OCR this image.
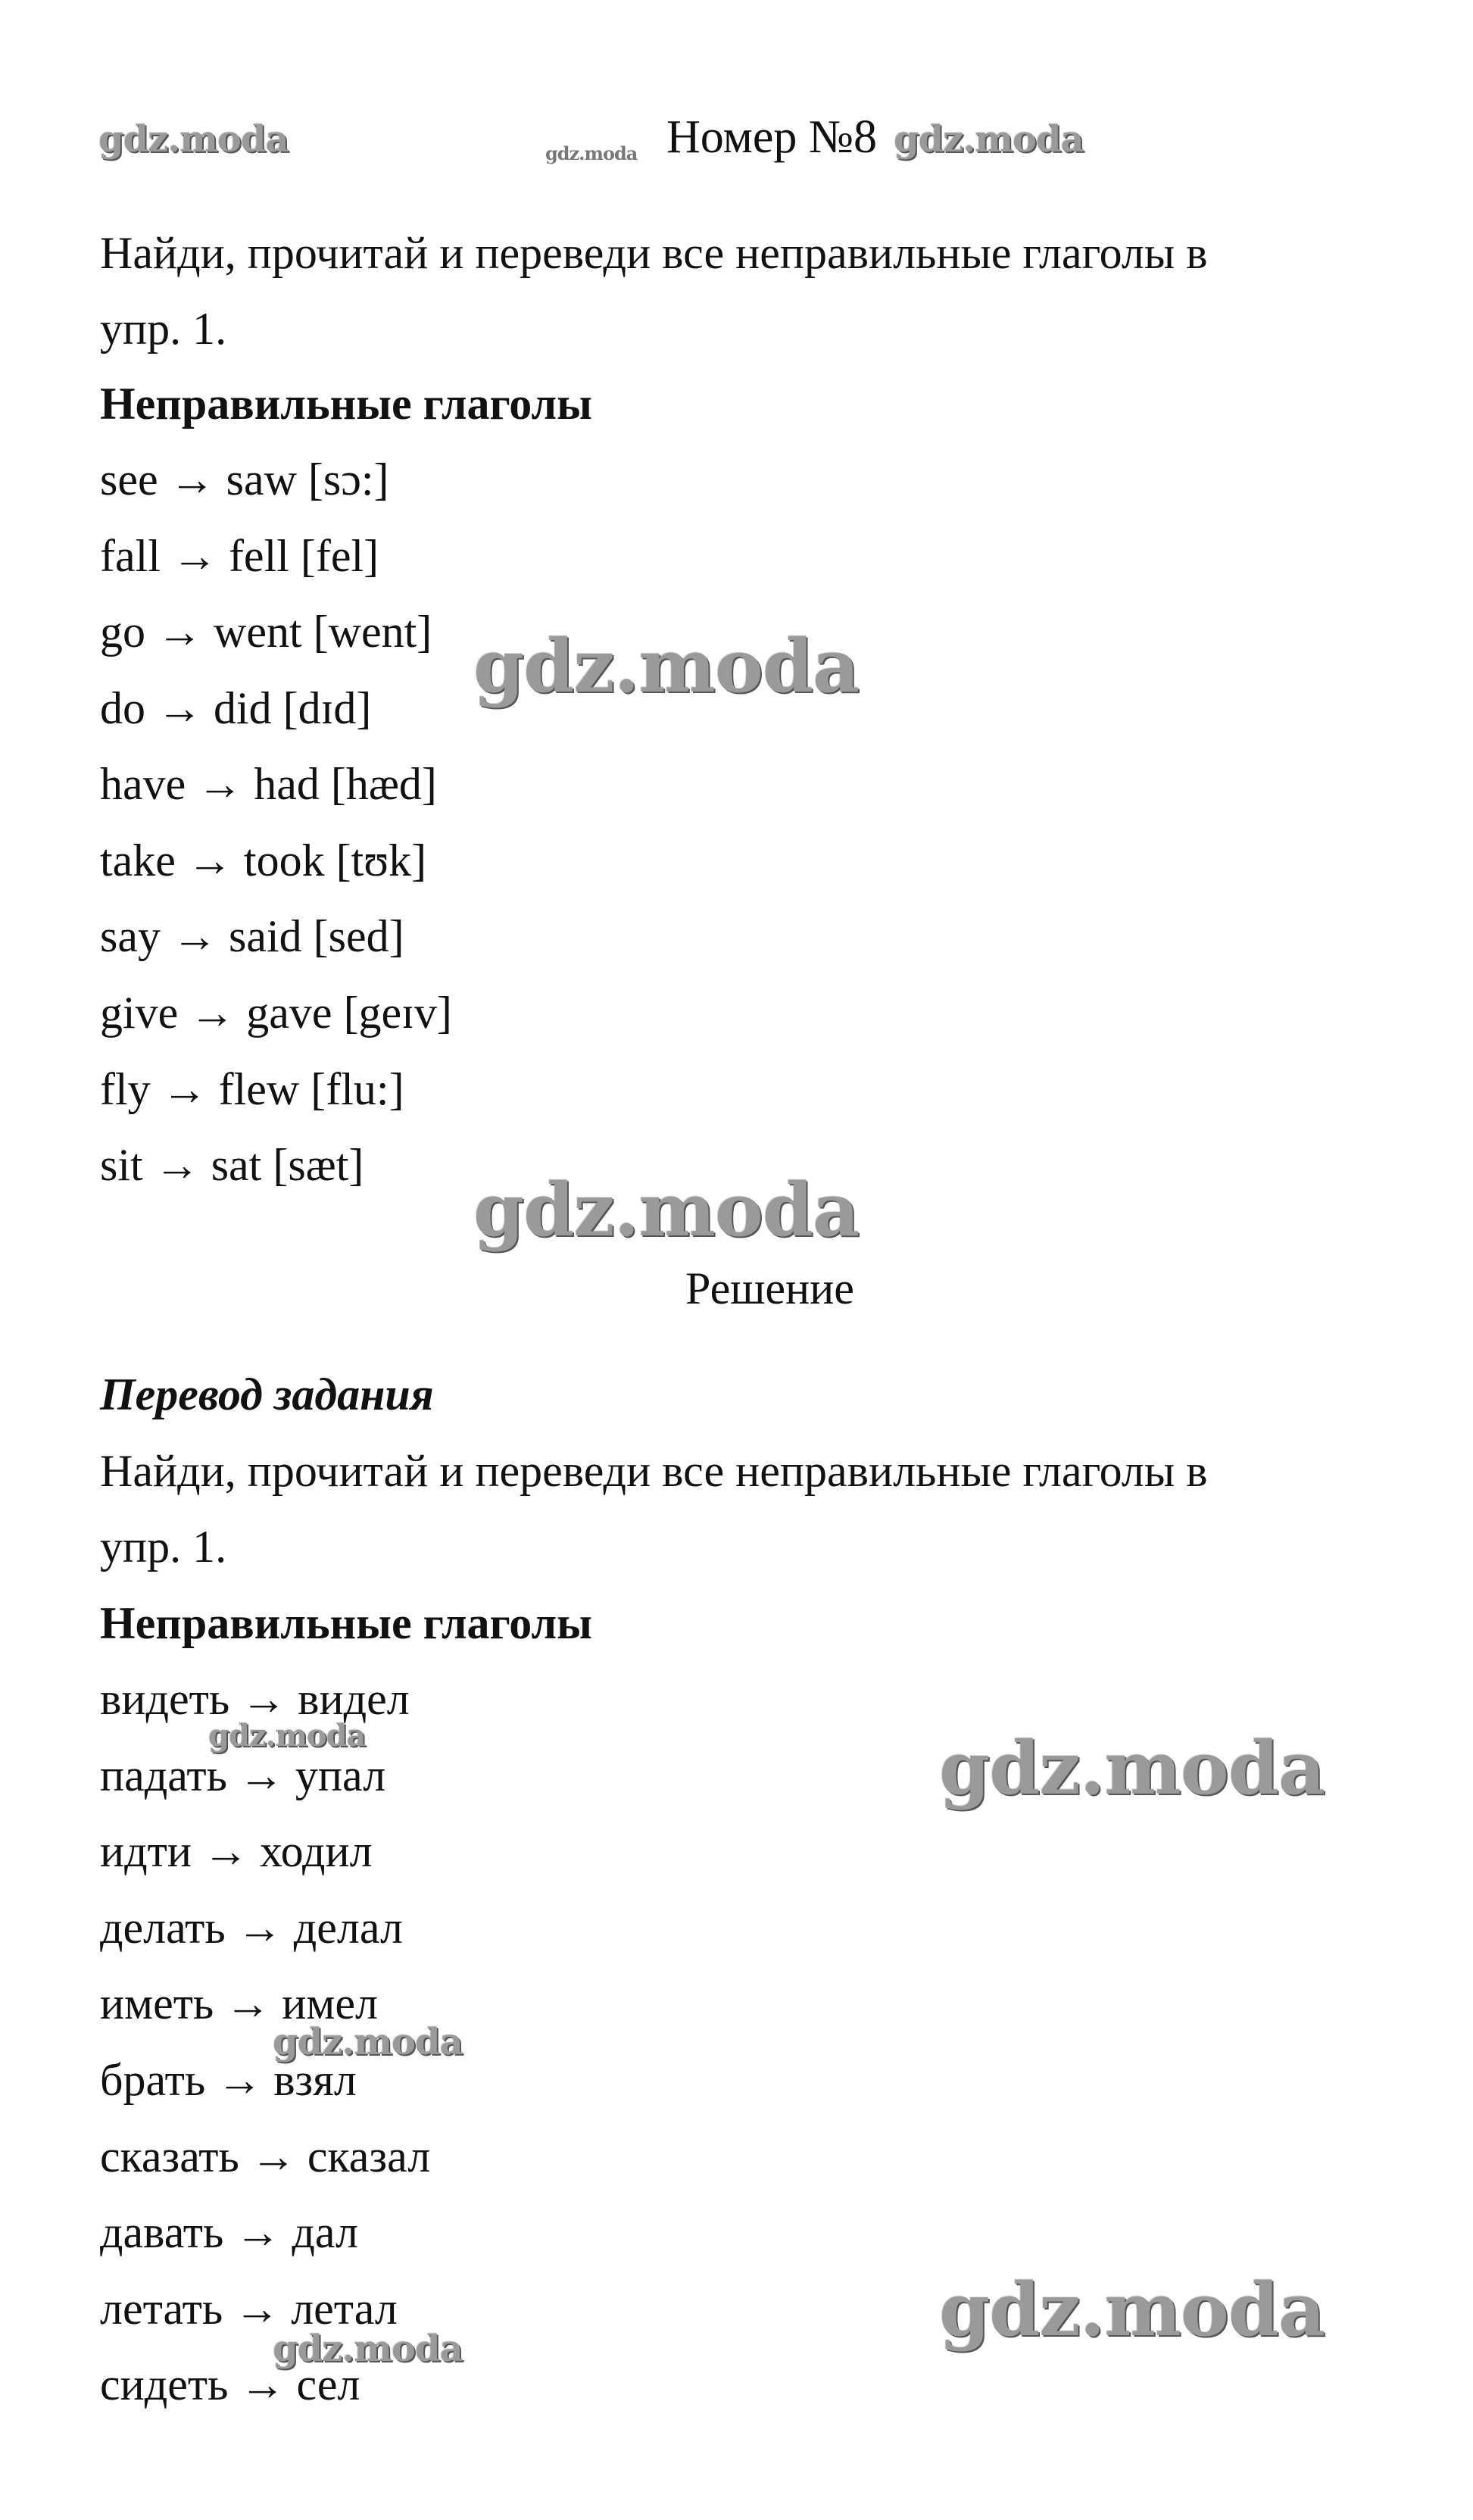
gdz.moda	gdz.moda Номер №8 gdz.moda
Найди, прочитай и переведи все неправильные глаголы в
упр. 1.
Неправильные глаголы
see → saw [sɔ:]
fall → fell [fel]
go → went [went]
do → did [dɪd]
have → had [hæd]
take → took [tʊk]
say → said [sed]
give → gave [geɪv]
fly → flew [flu:]
sit → sat [sæt]
gdz.moda
gdz.moda
Решение
Перевод задания
Найди, прочитай и переведи все неправильные глаголы в
упр. 1.
Неправильные глаголы
видеть → видел
падать → упал
идти → ходил
делать → делал
иметь → имел
брать → взял
сказать → сказал
давать → дал
летать → летал
сидеть → сел
gdz.moda	gdz.moda
gdz.moda
gdz.moda
gdz.moda
